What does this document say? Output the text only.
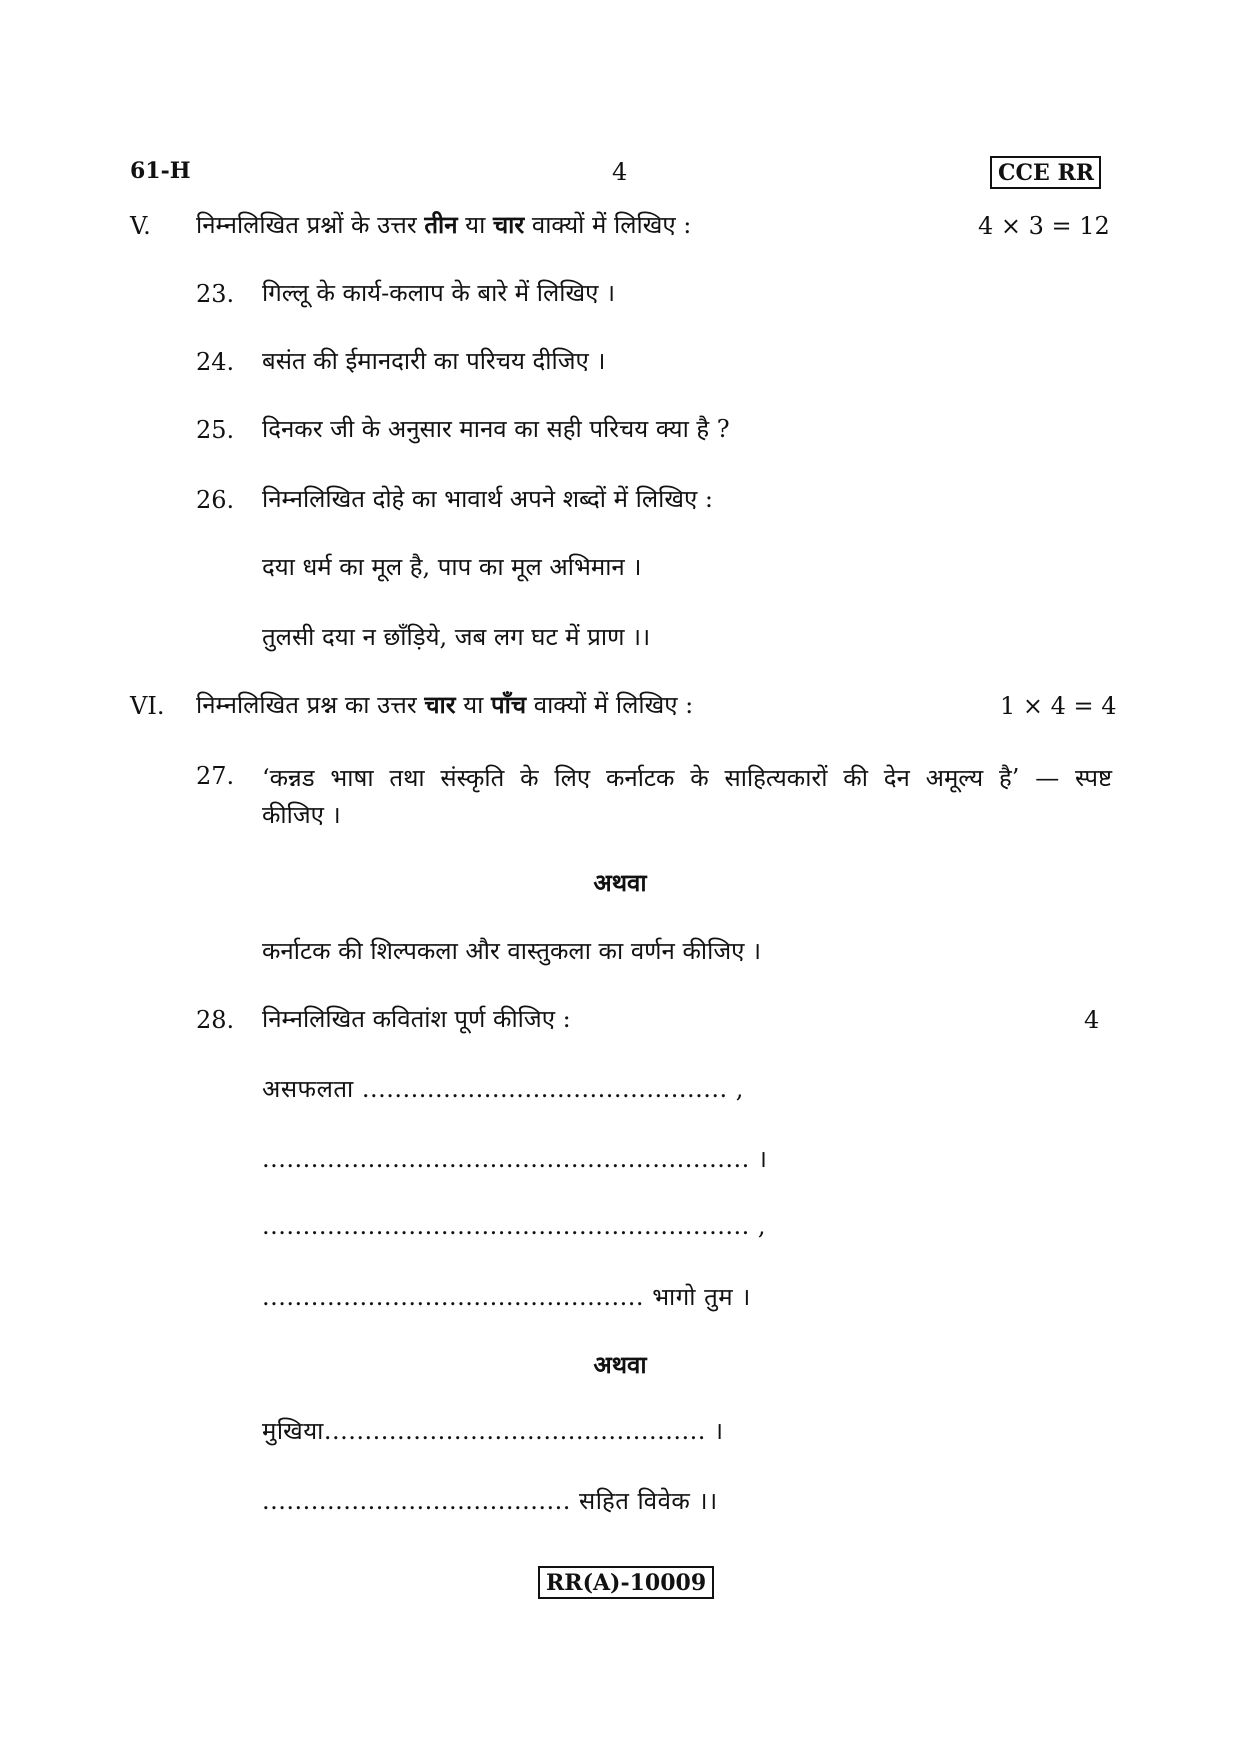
61-H	4	CCE RR
V. निम्नलिखित प्रश्नों के उत्तर तीन या चार वाक्यों में लिखिए :	4 × 3 = 12
23. गिल्लू के कार्य-कलाप के बारे में लिखिए ।
24. बसंत की ईमानदारी का परिचय दीजिए ।
25. दिनकर जी के अनुसार मानव का सही परिचय क्या है ?
26. निम्नलिखित दोहे का भावार्थ अपने शब्दों में लिखिए :
दया धर्म का मूल है, पाप का मूल अभिमान ।
तुलसी दया न छाँड़िये, जब लग घट में प्राण ।।
VI. निम्नलिखित प्रश्न का उत्तर चार या पाँच वाक्यों में लिखिए :	1 × 4 = 4
27. ‘कन्नड भाषा तथा संस्कृति के लिए कर्नाटक के साहित्यकारों की देन अमूल्य है’ — स्पष्ट
कीजिए ।
अथवा
कर्नाटक की शिल्पकला और वास्तुकला का वर्णन कीजिए ।
28. निम्नलिखित कवितांश पूर्ण कीजिए :	4
असफलता ............................................. ,
............................................................ ।
............................................................ ,
............................................... भागो तुम ।
अथवा
मुखिया............................................... ।
...................................... सहित विवेक ।।
RR(A)-10009
